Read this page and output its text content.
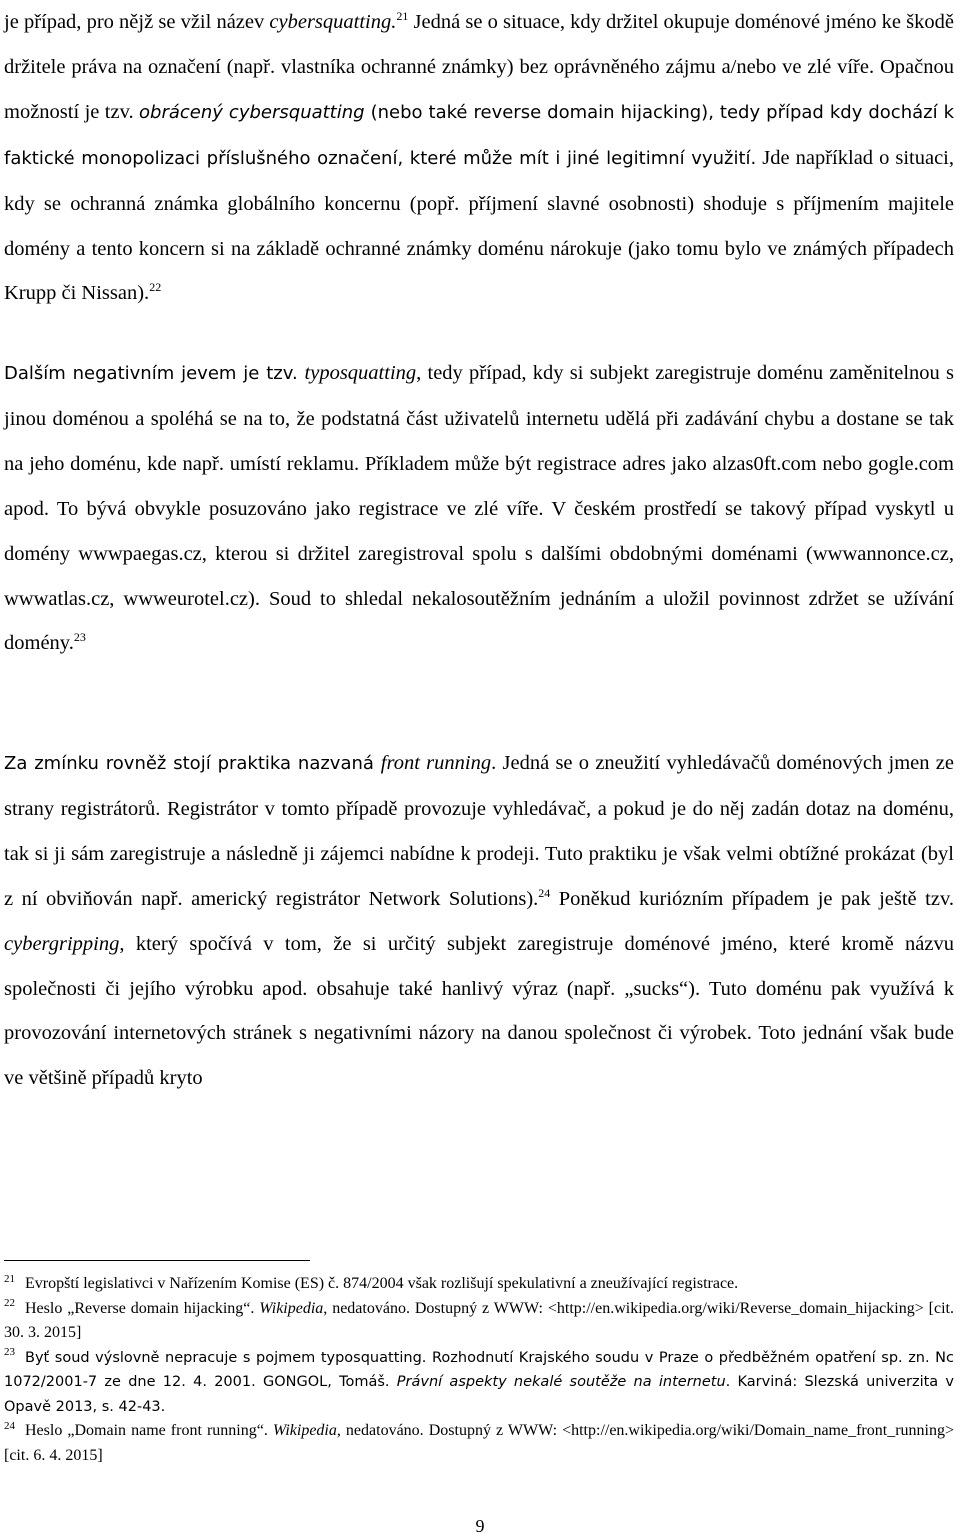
je případ, pro nějž se vžil název cybersquatting.$^{21}$ Jedná se o situace, kdy držitel okupuje doménové jméno ke škodě držitele práva na označení (např. vlastníka ochranné známky) bez oprávněného zájmu a/nebo ve zlé víře. Opačnou možností je tzv. obrácený cybersquatting (nebo také reverse domain hijacking), tedy případ kdy dochází k faktické monopolizaci příslušného označení, které může mít i jiné legitimní využití. Jde například o situaci, kdy se ochranná známka globálního koncernu (popř. příjmení slavné osobnosti) shoduje s příjmením majitele domény a tento koncern si na základě ochranné známky doménu nárokuje (jako tomu bylo ve známých případech Krupp či Nissan).$^{22}$

Dalším negativním jevem je tzv. typosquatting, tedy případ, kdy si subjekt zaregistruje doménu zaměnitelnou s jinou doménou a spoléhá se na to, že podstatná část uživatelů internetu udělá při zadávání chybu a dostane se tak na jeho doménu, kde např. umístí reklamu. Příkladem může být registrace adres jako alzas0ft.com nebo gogle.com apod. To bývá obvykle posuzováno jako registrace ve zlé víře. V českém prostředí se takový případ vyskytl u domény wwwpaegas.cz, kterou si držitel zaregistroval spolu s dalšími obdobnými doménami (wwwannonce.cz, wwwatlas.cz, wwweurotel.cz). Soud to shledal nekalosoutěžním jednáním a uložil povinnost zdržet se užívání domény.$^{23}$

Za zmínku rovněž stojí praktika nazvaná front running. Jedná se o zneužití vyhledávačů doménových jmen ze strany registrátorů. Registrátor v tomto případě provozuje vyhledávač, a pokud je do něj zadán dotaz na doménu, tak si ji sám zaregistruje a následně ji zájemci nabídne k prodeji. Tuto praktiku je však velmi obtížné prokázat (byl z ní obviňován např. americký registrátor Network Solutions).$^{24}$ Poněkud kuriózním případem je pak ještě tzv. cybergripping, který spočívá v tom, že si určitý subjekt zaregistruje doménové jméno, které kromě názvu společnosti či jejího výrobku apod. obsahuje také hanlivý výraz (např. „sucks“). Tuto doménu pak využívá k provozování internetových stránek s negativními názory na danou společnost či výrobek. Toto jednání však bude ve většině případů kryto

$^{21}$ Evropští legislativci v Nařízením Komise (ES) č. 874/2004 však rozlišují spekulativní a zneužívající registrace.

$^{22}$ Heslo „Reverse domain hijacking“. Wikipedia, nedatováno. Dostupný z WWW: <http://en.wikipedia.org/wiki/Reverse_domain_hijacking> [cit. 30. 3. 2015]

$^{23}$ Byť soud výslovně nepracuje s pojmem typosquatting. Rozhodnutí Krajského soudu v Praze o předběžném opatření sp. zn. Nc 1072/2001-7 ze dne 12. 4. 2001. GONGOL, Tomáš. Právní aspekty nekalé soutěže na internetu. Karviná: Slezská univerzita v Opavě 2013, s. 42-43.

$^{24}$ Heslo „Domain name front running“. Wikipedia, nedatováno. Dostupný z WWW: <http://en.wikipedia.org/wiki/Domain_name_front_running> [cit. 6. 4. 2015]

9
